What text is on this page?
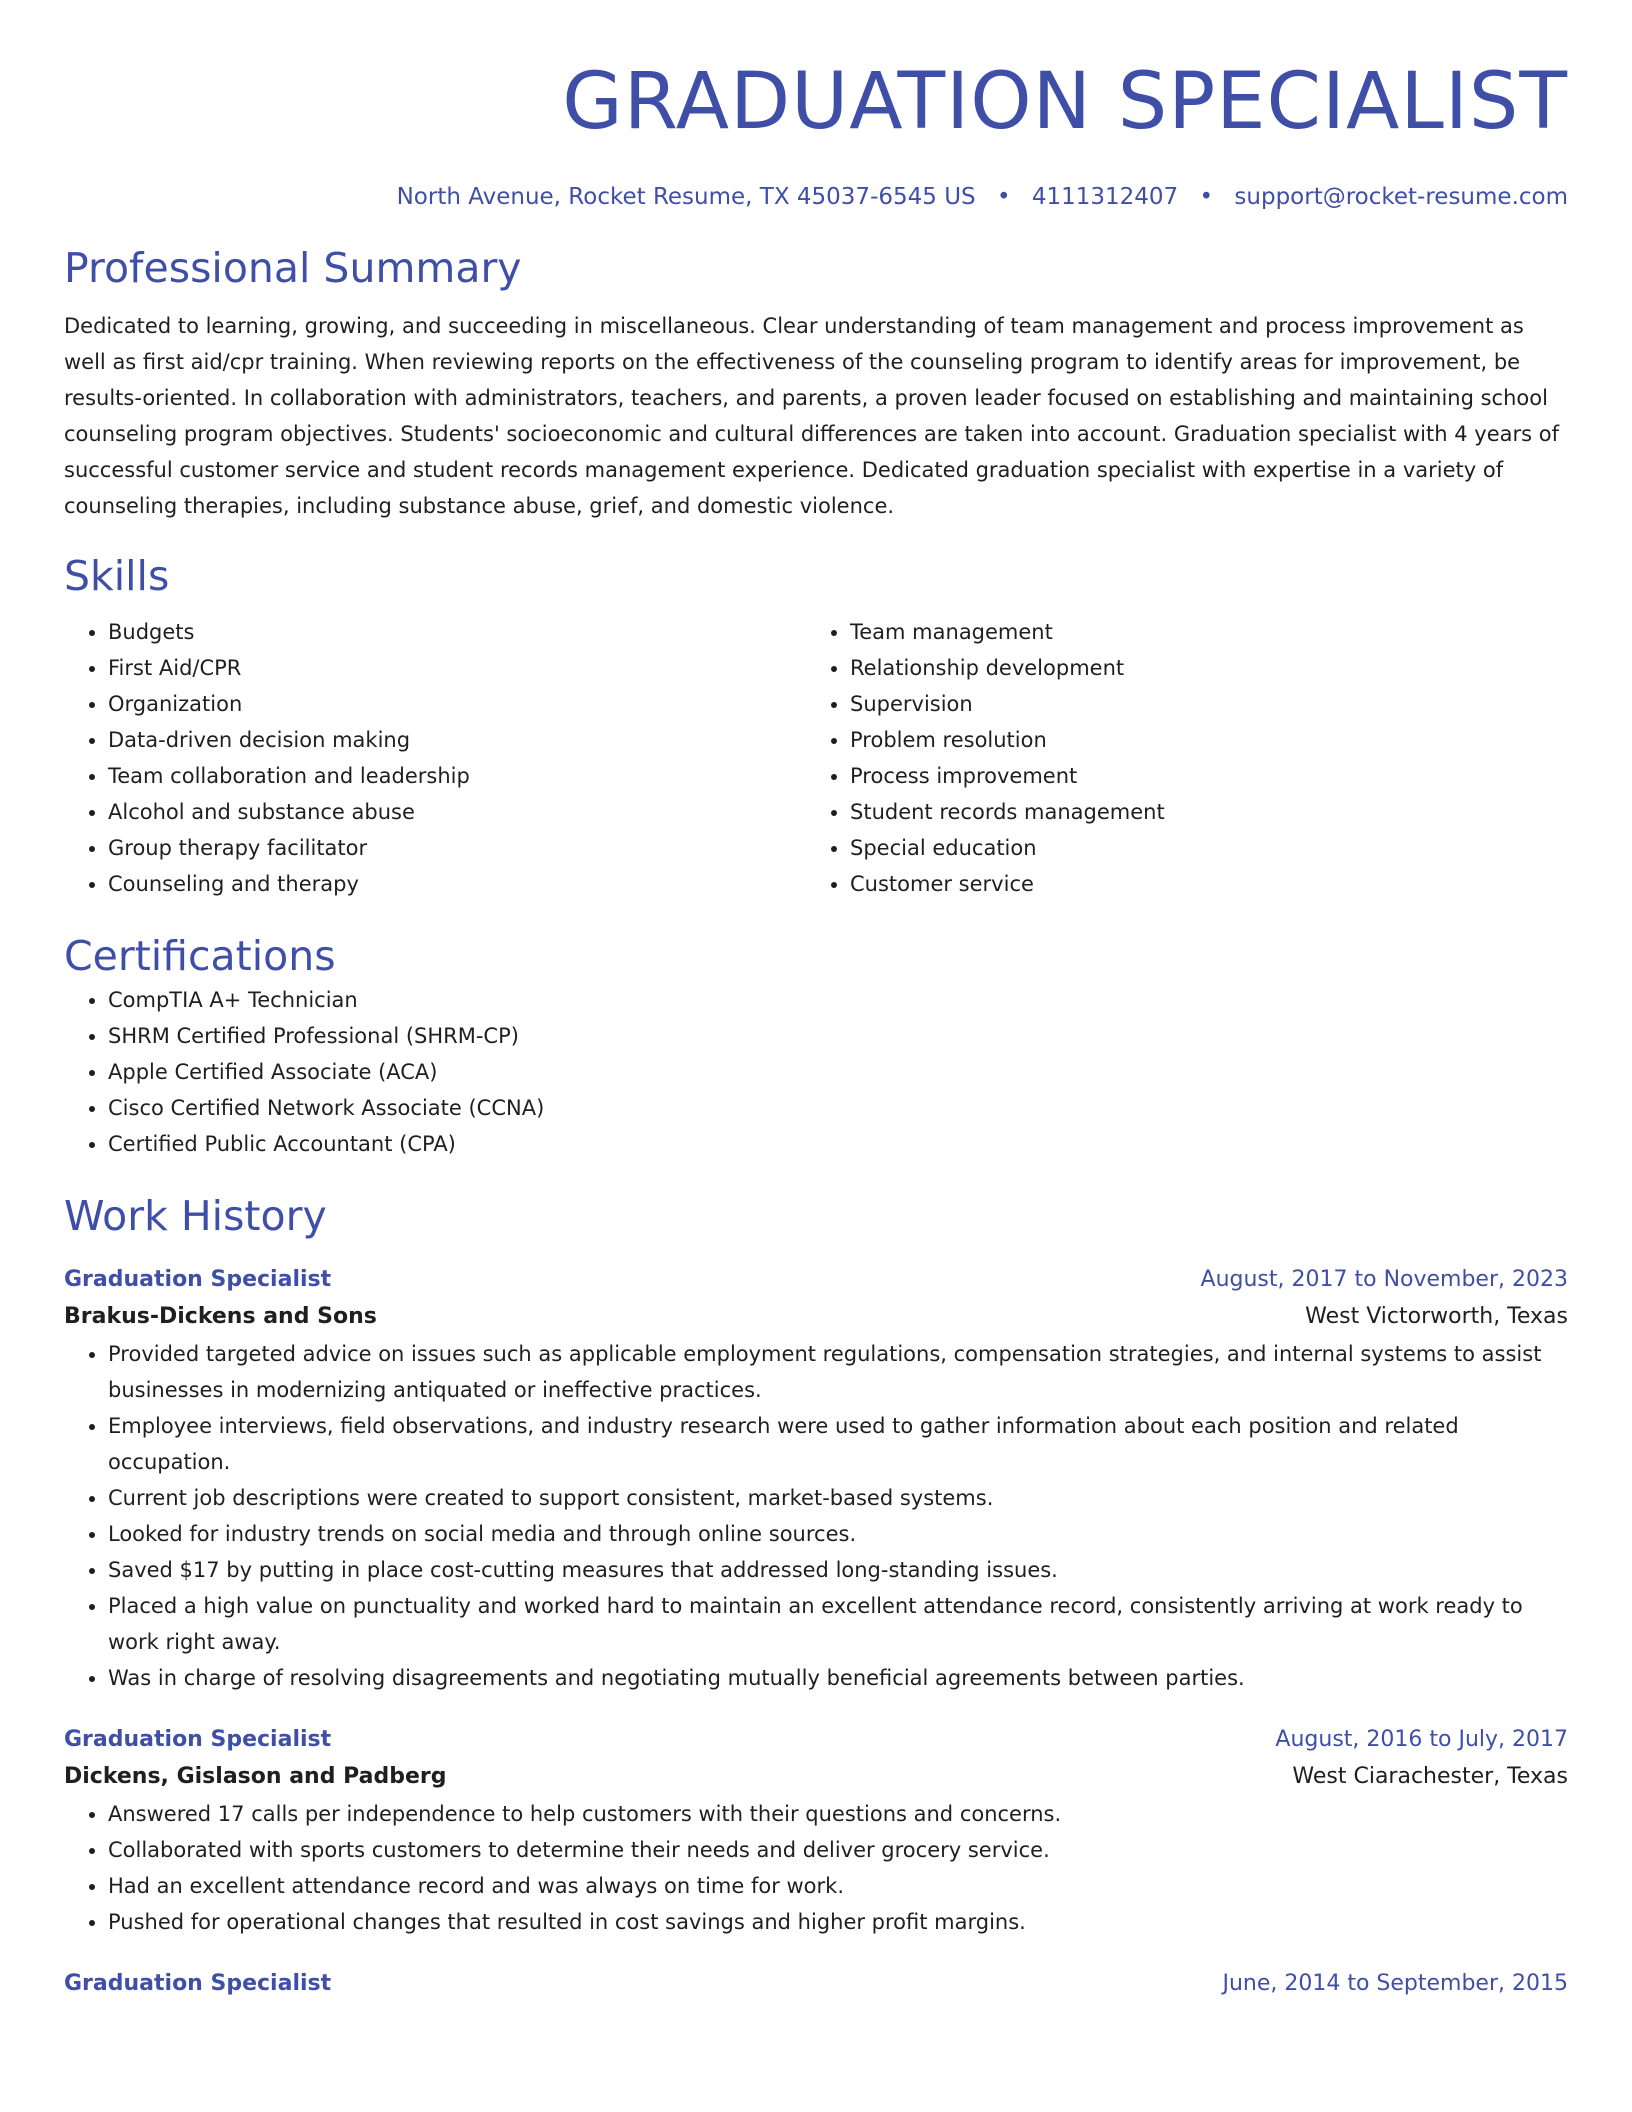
GRADUATION SPECIALIST
North Avenue, Rocket Resume, TX 45037-6545 US • 4111312407 • support@rocket-resume.com
Professional Summary
Dedicated to learning, growing, and succeeding in miscellaneous. Clear understanding of team management and process improvement as well as first aid/cpr training. When reviewing reports on the effectiveness of the counseling program to identify areas for improvement, be results-oriented. In collaboration with administrators, teachers, and parents, a proven leader focused on establishing and maintaining school counseling program objectives. Students' socioeconomic and cultural differences are taken into account. Graduation specialist with 4 years of successful customer service and student records management experience. Dedicated graduation specialist with expertise in a variety of counseling therapies, including substance abuse, grief, and domestic violence.
Skills
• Budgets
• First Aid/CPR
• Organization
• Data-driven decision making
• Team collaboration and leadership
• Alcohol and substance abuse
• Group therapy facilitator
• Counseling and therapy
• Team management
• Relationship development
• Supervision
• Problem resolution
• Process improvement
• Student records management
• Special education
• Customer service
Certifications
• CompTIA A+ Technician
• SHRM Certified Professional (SHRM-CP)
• Apple Certified Associate (ACA)
• Cisco Certified Network Associate (CCNA)
• Certified Public Accountant (CPA)
Work History
Graduation Specialist	August, 2017 to November, 2023
Brakus-Dickens and Sons	West Victorworth, Texas
• Provided targeted advice on issues such as applicable employment regulations, compensation strategies, and internal systems to assist businesses in modernizing antiquated or ineffective practices.
• Employee interviews, field observations, and industry research were used to gather information about each position and related occupation.
• Current job descriptions were created to support consistent, market-based systems.
• Looked for industry trends on social media and through online sources.
• Saved $17 by putting in place cost-cutting measures that addressed long-standing issues.
• Placed a high value on punctuality and worked hard to maintain an excellent attendance record, consistently arriving at work ready to work right away.
• Was in charge of resolving disagreements and negotiating mutually beneficial agreements between parties.
Graduation Specialist	August, 2016 to July, 2017
Dickens, Gislason and Padberg	West Ciarachester, Texas
• Answered 17 calls per independence to help customers with their questions and concerns.
• Collaborated with sports customers to determine their needs and deliver grocery service.
• Had an excellent attendance record and was always on time for work.
• Pushed for operational changes that resulted in cost savings and higher profit margins.
Graduation Specialist	June, 2014 to September, 2015
